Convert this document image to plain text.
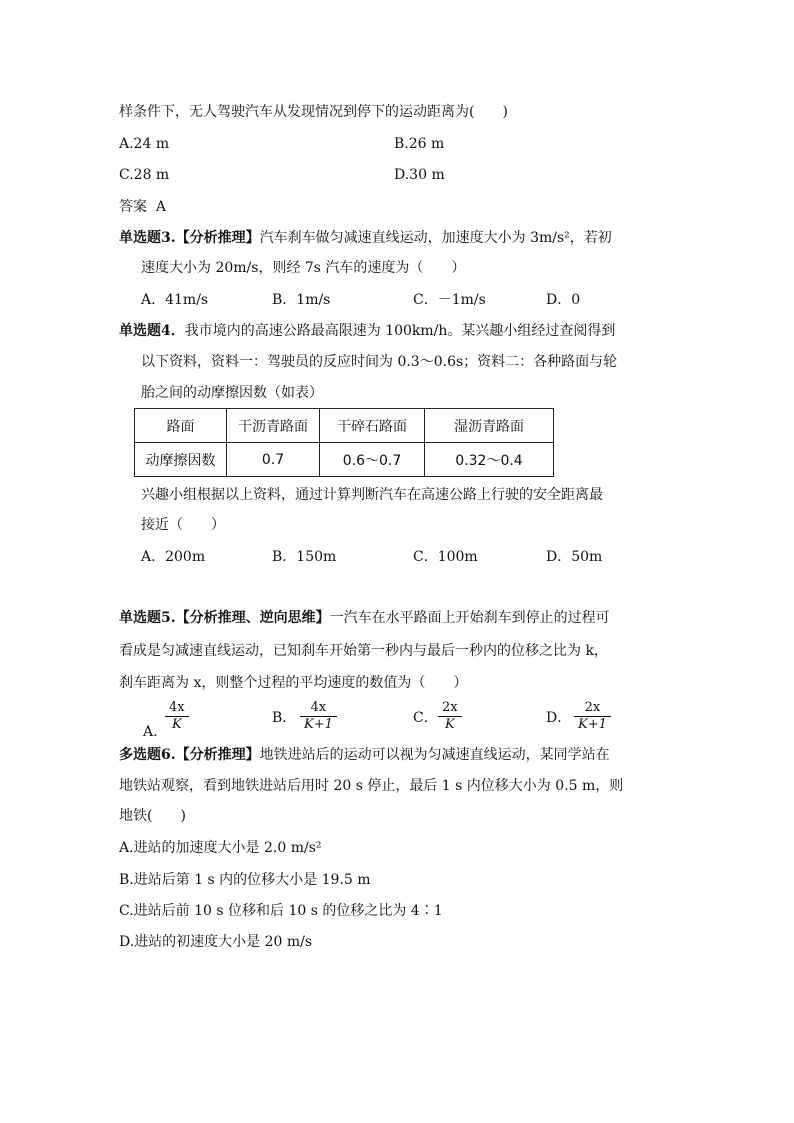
样条件下，无人驾驶汽车从发现情况到停下的运动距离为(　　)
A.24 m	B.26 m
C.28 m	D.30 m
答案 A
单选题3.【分析推理】汽车刹车做匀减速直线运动，加速度大小为 3m/s²，若初
速度大小为 20m/s，则经 7s 汽车的速度为（　　）
A．41m/s	B．1m/s	C．－1m/s	D．0
单选题4．我市境内的高速公路最高限速为 100km/h。某兴趣小组经过查阅得到
以下资料，资料一：驾驶员的反应时间为 0.3～0.6s；资料二：各种路面与轮
胎之间的动摩擦因数（如表）
路面	干沥青路面	干碎石路面	湿沥青路面
动摩擦因数	0.7	0.6～0.7	0.32～0.4
兴趣小组根据以上资料，通过计算判断汽车在高速公路上行驶的安全距离最
接近（　　）
A．200m	B．150m	C．100m	D．50m
单选题5.【分析推理、逆向思维】一汽车在水平路面上开始刹车到停止的过程可
看成是匀减速直线运动，已知刹车开始第一秒内与最后一秒内的位移之比为 k，
刹车距离为 x，则整个过程的平均速度的数值为（　　）
A．
$\frac{4x}{K}$	B． $\frac{4x}{K+1}$	C． $\frac{2x}{K}$	D． $\frac{2x}{K+1}$
多选题6.【分析推理】地铁进站后的运动可以视为匀减速直线运动，某同学站在
地铁站观察，看到地铁进站后用时 20 s 停止，最后 1 s 内位移大小为 0.5 m，则
地铁(　　)
A.进站的加速度大小是 2.0 m/s²
B.进站后第 1 s 内的位移大小是 19.5 m
C.进站后前 10 s 位移和后 10 s 的位移之比为 4∶1
D.进站的初速度大小是 20 m/s
